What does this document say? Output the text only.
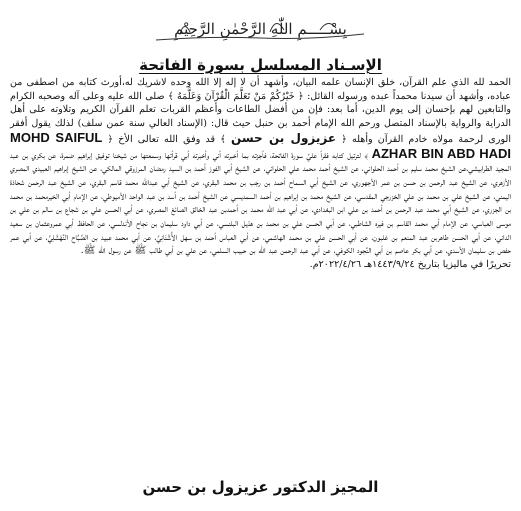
بِسْـــــمِ اللّٰهِ الرَّحْمٰنِ الرَّحِيْمِ
الإسـناد المسلسل بسورة الفاتحة

الحمد لله الذي علم القرآن، خلق الإنسان علمه البيان، وأشهد أن لا إله إلا الله وحده لاشريك له،أورث كتابه من اصطفى من عباده، وأشهد أن سيدنا محمداً عبده ورسوله القائل: ﴿ خَيْرُكُمْ مَنْ تَعَلَّمَ الْقُرْآنَ وَعَلَّمَهُ ﴾ صلى الله عليه وعلى آله وصحبه الكرام والتابعين لهم بإحسان إلى يوم الدين، أما بعد: فإن من أفضل الطاعات وأعظم القربات تعلم القرآن الكريم وتلاوته على أهل الدراية والرواية بالإسناد المتصل ورحم الله الإمام أحمد بن حنبل حيث قال: (الإسناد العالي سنة عمن سلف) لذلك يقول أفقر الورى لرحمة مولاه خادم القرآن وأهله ﴿ عزيزول بن حسن ﴾ قد وفق الله تعالى الأخ ﴿ MOHD SAIFUL AZHAR BIN ABD HADI ﴾ لترتيل كتابه فقرأ عليَّ سورة الفاتحة، فأجزته بما أخبرته أني وأخبرته أبي قرأتها وسمعتها من شيخنا توفيق إبراهيم ضمرة، عن بكري بن عبد المجيد الطرابيشي،عن الشيخ محمد سليم بن أحمد الحلواني، عن الشيخ أحمد محمد علي الحلواني، عن الشيخ أبي الفوز أحمد بن السيد رمضان المرزوقي المالكي، عن الشيخ إبراهيم العبيدي المصري الأزهري، عن الشيخ عبد الرحمن بن حسن بن عمر الأجهوري، عن الشيخ أبي السماح أحمد بن رجب بن محمد البقري، عن الشيخ أبي عبدالله محمد قاسم البقري، عن الشيخ عبد الرحمن شحاذة اليمني، عن الشيخ علي بن محمد بن علي الخزرجي المقدسي، عن الشيخ محمد بن إبراهيم بن أحمد السمديسي عن الشيخ أحمد بن أسد بن عبد الواحد الأميوطي، عن الإمام أبي الخيرمحمد بن محمد بن الجزري، عن الشيخ أبي محمد عبد الرحمن بن أحمد بن علي ابن البغدادي، عن أبي عبد الله محمد بن أحمدبن عبد الخالق الصائغ المصري، عن أبي الحسن علي بن شجاع بن سالم بن علي بن موسى العباسي، عن الإمام أبي محمد القاسم بن فيره الشاطبي، عن أبي الحسن علي بن محمد بن هذيل البلنسي، عن أبي داود سليمان بن نجاح الأندلسي، عن الحافظ أبي عمروعثمان بن سعيد الداني، عن أبي الحسن طاهربن عبد المنعم بن غلبون، عن أبي الحسن علي بن محمد الهاشمي، عن أبي العباس أحمد بن سهل الأُشْنَانِيِّ، عن أبي محمد عبيد بن الصَّبَّاح النَّهْشَلِيِّ، عن أبي عمر حفص بن سليمان الأسدي، عن أبي بكر عاصم بن أبي النَّجود الكوفي، عن أبي عبد الرحمن عبد الله بن حبيب السلمي، عن علي بن أبي طالب ﷺ عن رسول الله ﷺ.

تحريرًا في ماليزيا بتاريخ ١٤٤٣/٩/٢٤هـ ٢٠٢٢/٤/٢٦م.

المجيز الدكتور عزيزول بن حسن
